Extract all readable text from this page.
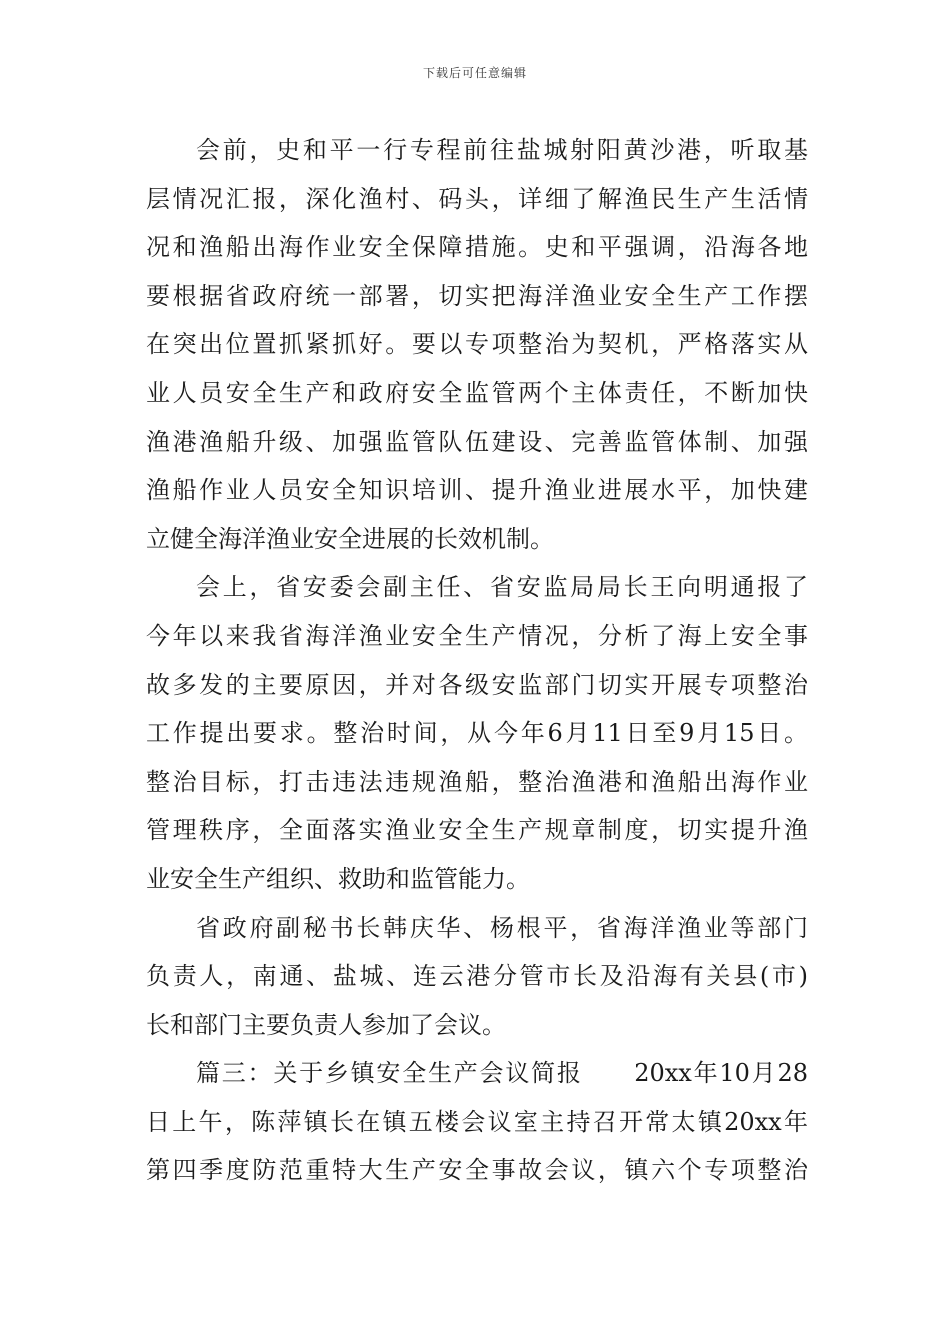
下载后可任意编辑
会前，史和平一行专程前往盐城射阳黄沙港，听取基
层情况汇报，深化渔村、码头，详细了解渔民生产生活情
况和渔船出海作业安全保障措施。史和平强调，沿海各地
要根据省政府统一部署，切实把海洋渔业安全生产工作摆
在突出位置抓紧抓好。要以专项整治为契机，严格落实从
业人员安全生产和政府安全监管两个主体责任，不断加快
渔港渔船升级、加强监管队伍建设、完善监管体制、加强
渔船作业人员安全知识培训、提升渔业进展水平，加快建
立健全海洋渔业安全进展的长效机制。
会上，省安委会副主任、省安监局局长王向明通报了
今年以来我省海洋渔业安全生产情况，分析了海上安全事
故多发的主要原因，并对各级安监部门切实开展专项整治
工作提出要求。整治时间，从今年6月11日至9月15日。
整治目标，打击违法违规渔船，整治渔港和渔船出海作业
管理秩序，全面落实渔业安全生产规章制度，切实提升渔
业安全生产组织、救助和监管能力。
省政府副秘书长韩庆华、杨根平，省海洋渔业等部门
负责人，南通、盐城、连云港分管市长及沿海有关县(市)
长和部门主要负责人参加了会议。
篇三：关于乡镇安全生产会议简报　　20xx年10月28
日上午，陈萍镇长在镇五楼会议室主持召开常太镇20xx年
第四季度防范重特大生产安全事故会议，镇六个专项整治
